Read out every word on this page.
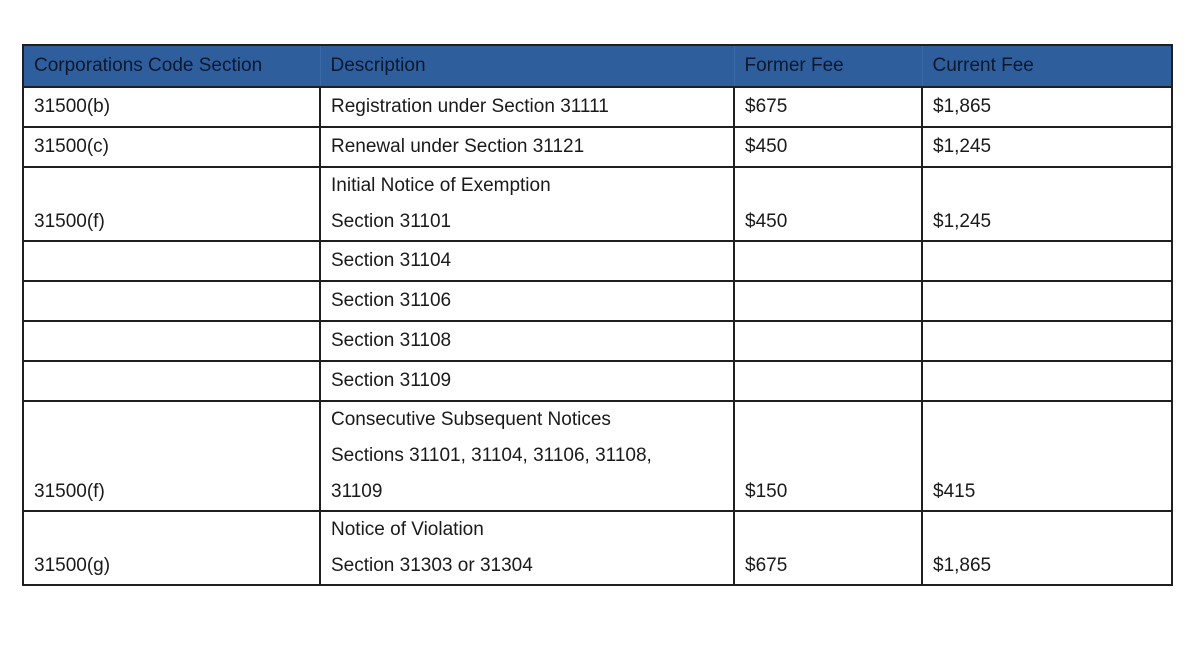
Corporations Code Section	Description	Former Fee	Current Fee

31500(b)	Registration under Section 31111	$675	$1,865

31500(c)	Renewal under Section 31121	$450	$1,245

31500(f)	Initial Notice of Exemption
Section 31101	$450	$1,245

	Section 31104		

	Section 31106		

	Section 31108		

	Section 31109		

31500(f)	Consecutive Subsequent Notices
Sections 31101, 31104, 31106, 31108,
31109	$150	$415

31500(g)	Notice of Violation
Section 31303 or 31304	$675	$1,865
